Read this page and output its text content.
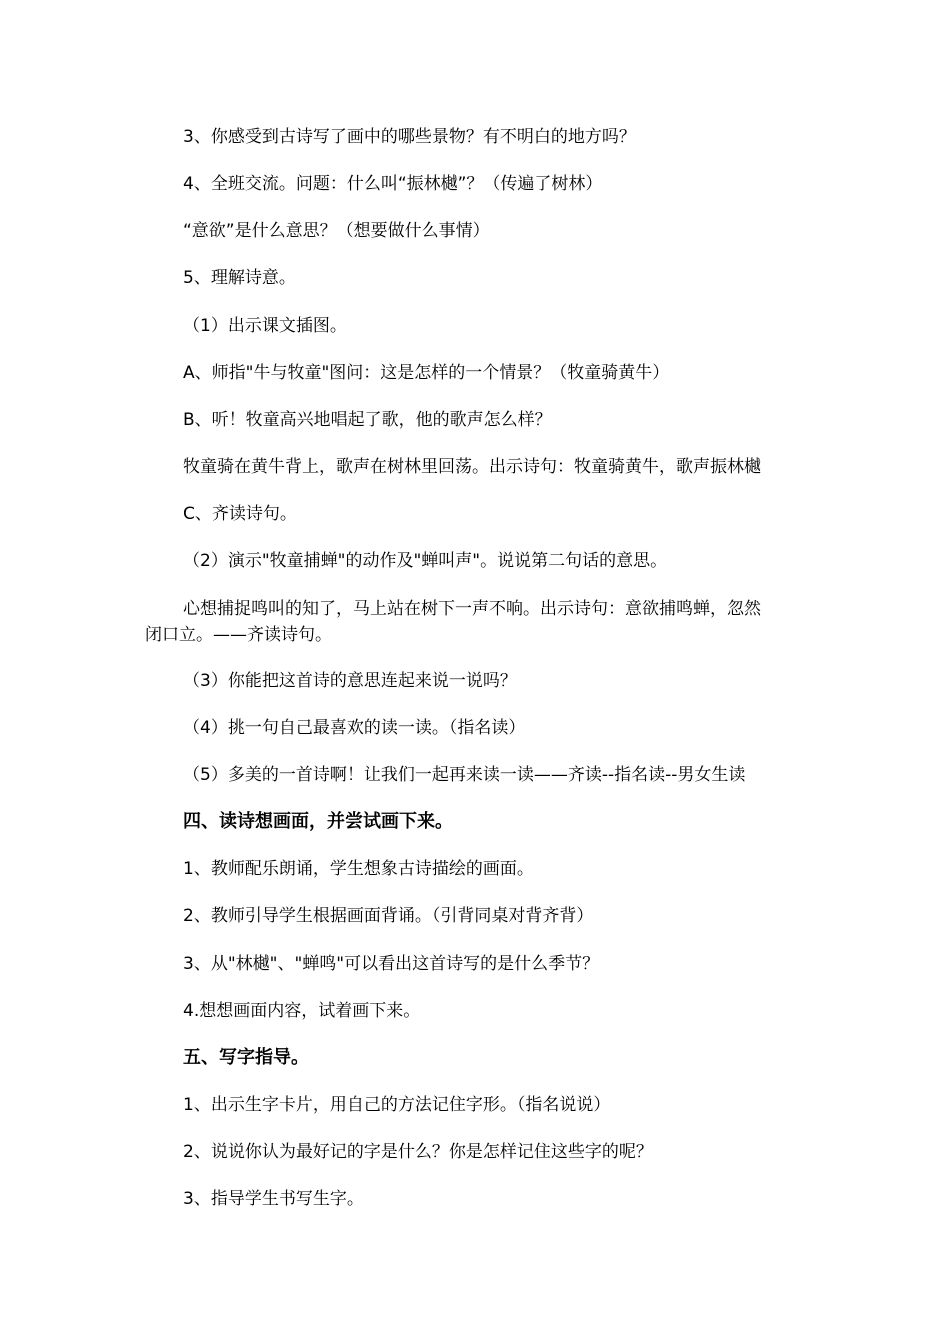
3、你感受到古诗写了画中的哪些景物？有不明白的地方吗？
4、全班交流。问题：什么叫“振林樾”？（传遍了树林）
“意欲”是什么意思？（想要做什么事情）
5、理解诗意。
（1）出示课文插图。
A、师指"牛与牧童"图问：这是怎样的一个情景？（牧童骑黄牛）
B、听！牧童高兴地唱起了歌，他的歌声怎么样？
牧童骑在黄牛背上，歌声在树林里回荡。出示诗句：牧童骑黄牛，歌声振林樾
C、齐读诗句。
（2）演示"牧童捕蝉"的动作及"蝉叫声"。说说第二句话的意思。
心想捕捉鸣叫的知了，马上站在树下一声不响。出示诗句：意欲捕鸣蝉，忽然
闭口立。——齐读诗句。
（3）你能把这首诗的意思连起来说一说吗？
（4）挑一句自己最喜欢的读一读。（指名读）
（5）多美的一首诗啊！让我们一起再来读一读——齐读--指名读--男女生读
四、读诗想画面，并尝试画下来。
1、教师配乐朗诵，学生想象古诗描绘的画面。
2、教师引导学生根据画面背诵。（引背同桌对背齐背）
3、从"林樾"、"蝉鸣"可以看出这首诗写的是什么季节？
4.想想画面内容，试着画下来。
五、写字指导。
1、出示生字卡片，用自己的方法记住字形。（指名说说）
2、说说你认为最好记的字是什么？你是怎样记住这些字的呢？
3、指导学生书写生字。
